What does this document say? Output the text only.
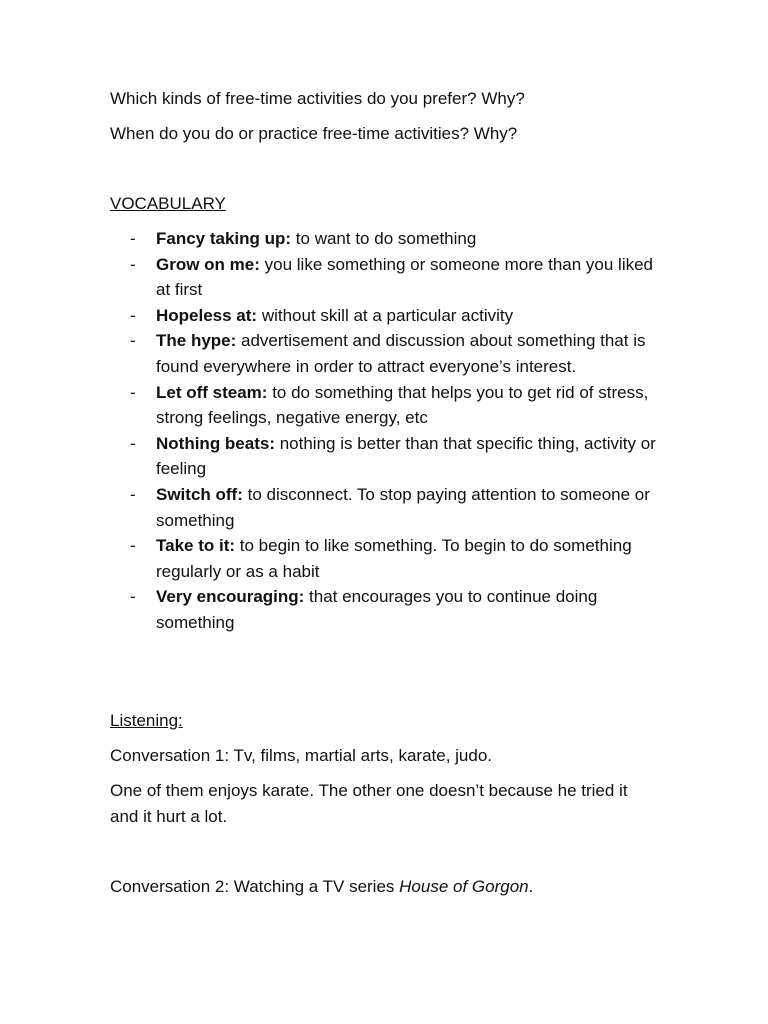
Which kinds of free-time activities do you prefer? Why?

When do you do or practice free-time activities? Why?

VOCABULARY

- Fancy taking up: to want to do something
- Grow on me: you like something or someone more than you liked at first
- Hopeless at: without skill at a particular activity
- The hype: advertisement and discussion about something that is found everywhere in order to attract everyone’s interest.
- Let off steam: to do something that helps you to get rid of stress, strong feelings, negative energy, etc
- Nothing beats: nothing is better than that specific thing, activity or feeling
- Switch off: to disconnect. To stop paying attention to someone or something
- Take to it: to begin to like something. To begin to do something regularly or as a habit
- Very encouraging: that encourages you to continue doing something

Listening:

Conversation 1: Tv, films, martial arts, karate, judo.

One of them enjoys karate. The other one doesn’t because he tried it and it hurt a lot.

Conversation 2: Watching a TV series House of Gorgon.
